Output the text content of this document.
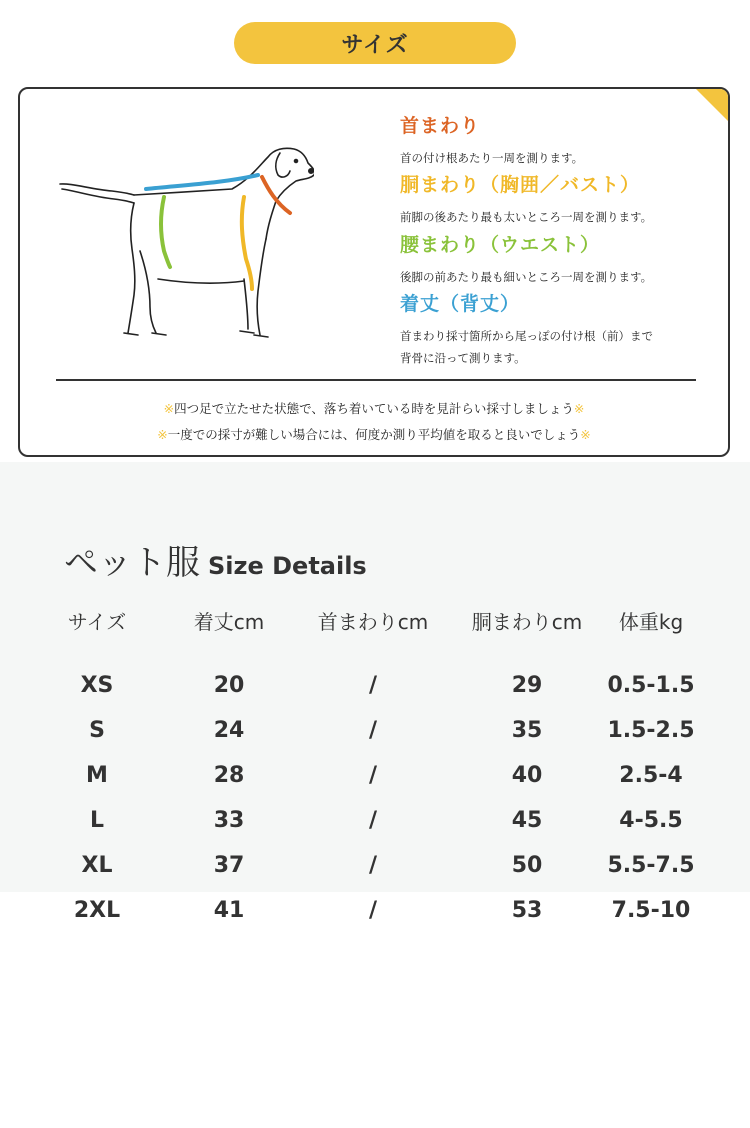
サイズ
首まわり
首の付け根あたり一周を測ります。
胴まわり（胸囲／バスト）
前脚の後あたり最も太いところ一周を測ります。
腰まわり（ウエスト）
後脚の前あたり最も細いところ一周を測ります。
着丈（背丈）
首まわり採寸箇所から尾っぽの付け根（前）まで
背骨に沿って測ります。
※四つ足で立たせた状態で、落ち着いている時を見計らい採寸しましょう※
※一度での採寸が難しい場合には、何度か測り平均値を取ると良いでしょう※
ペット服 Size Details
サイズ	着丈cm	首まわりcm	胴まわりcm	体重kg
XS	20	/	29	0.5-1.5
S	24	/	35	1.5-2.5
M	28	/	40	2.5-4
L	33	/	45	4-5.5
XL	37	/	50	5.5-7.5
2XL	41	/	53	7.5-10
